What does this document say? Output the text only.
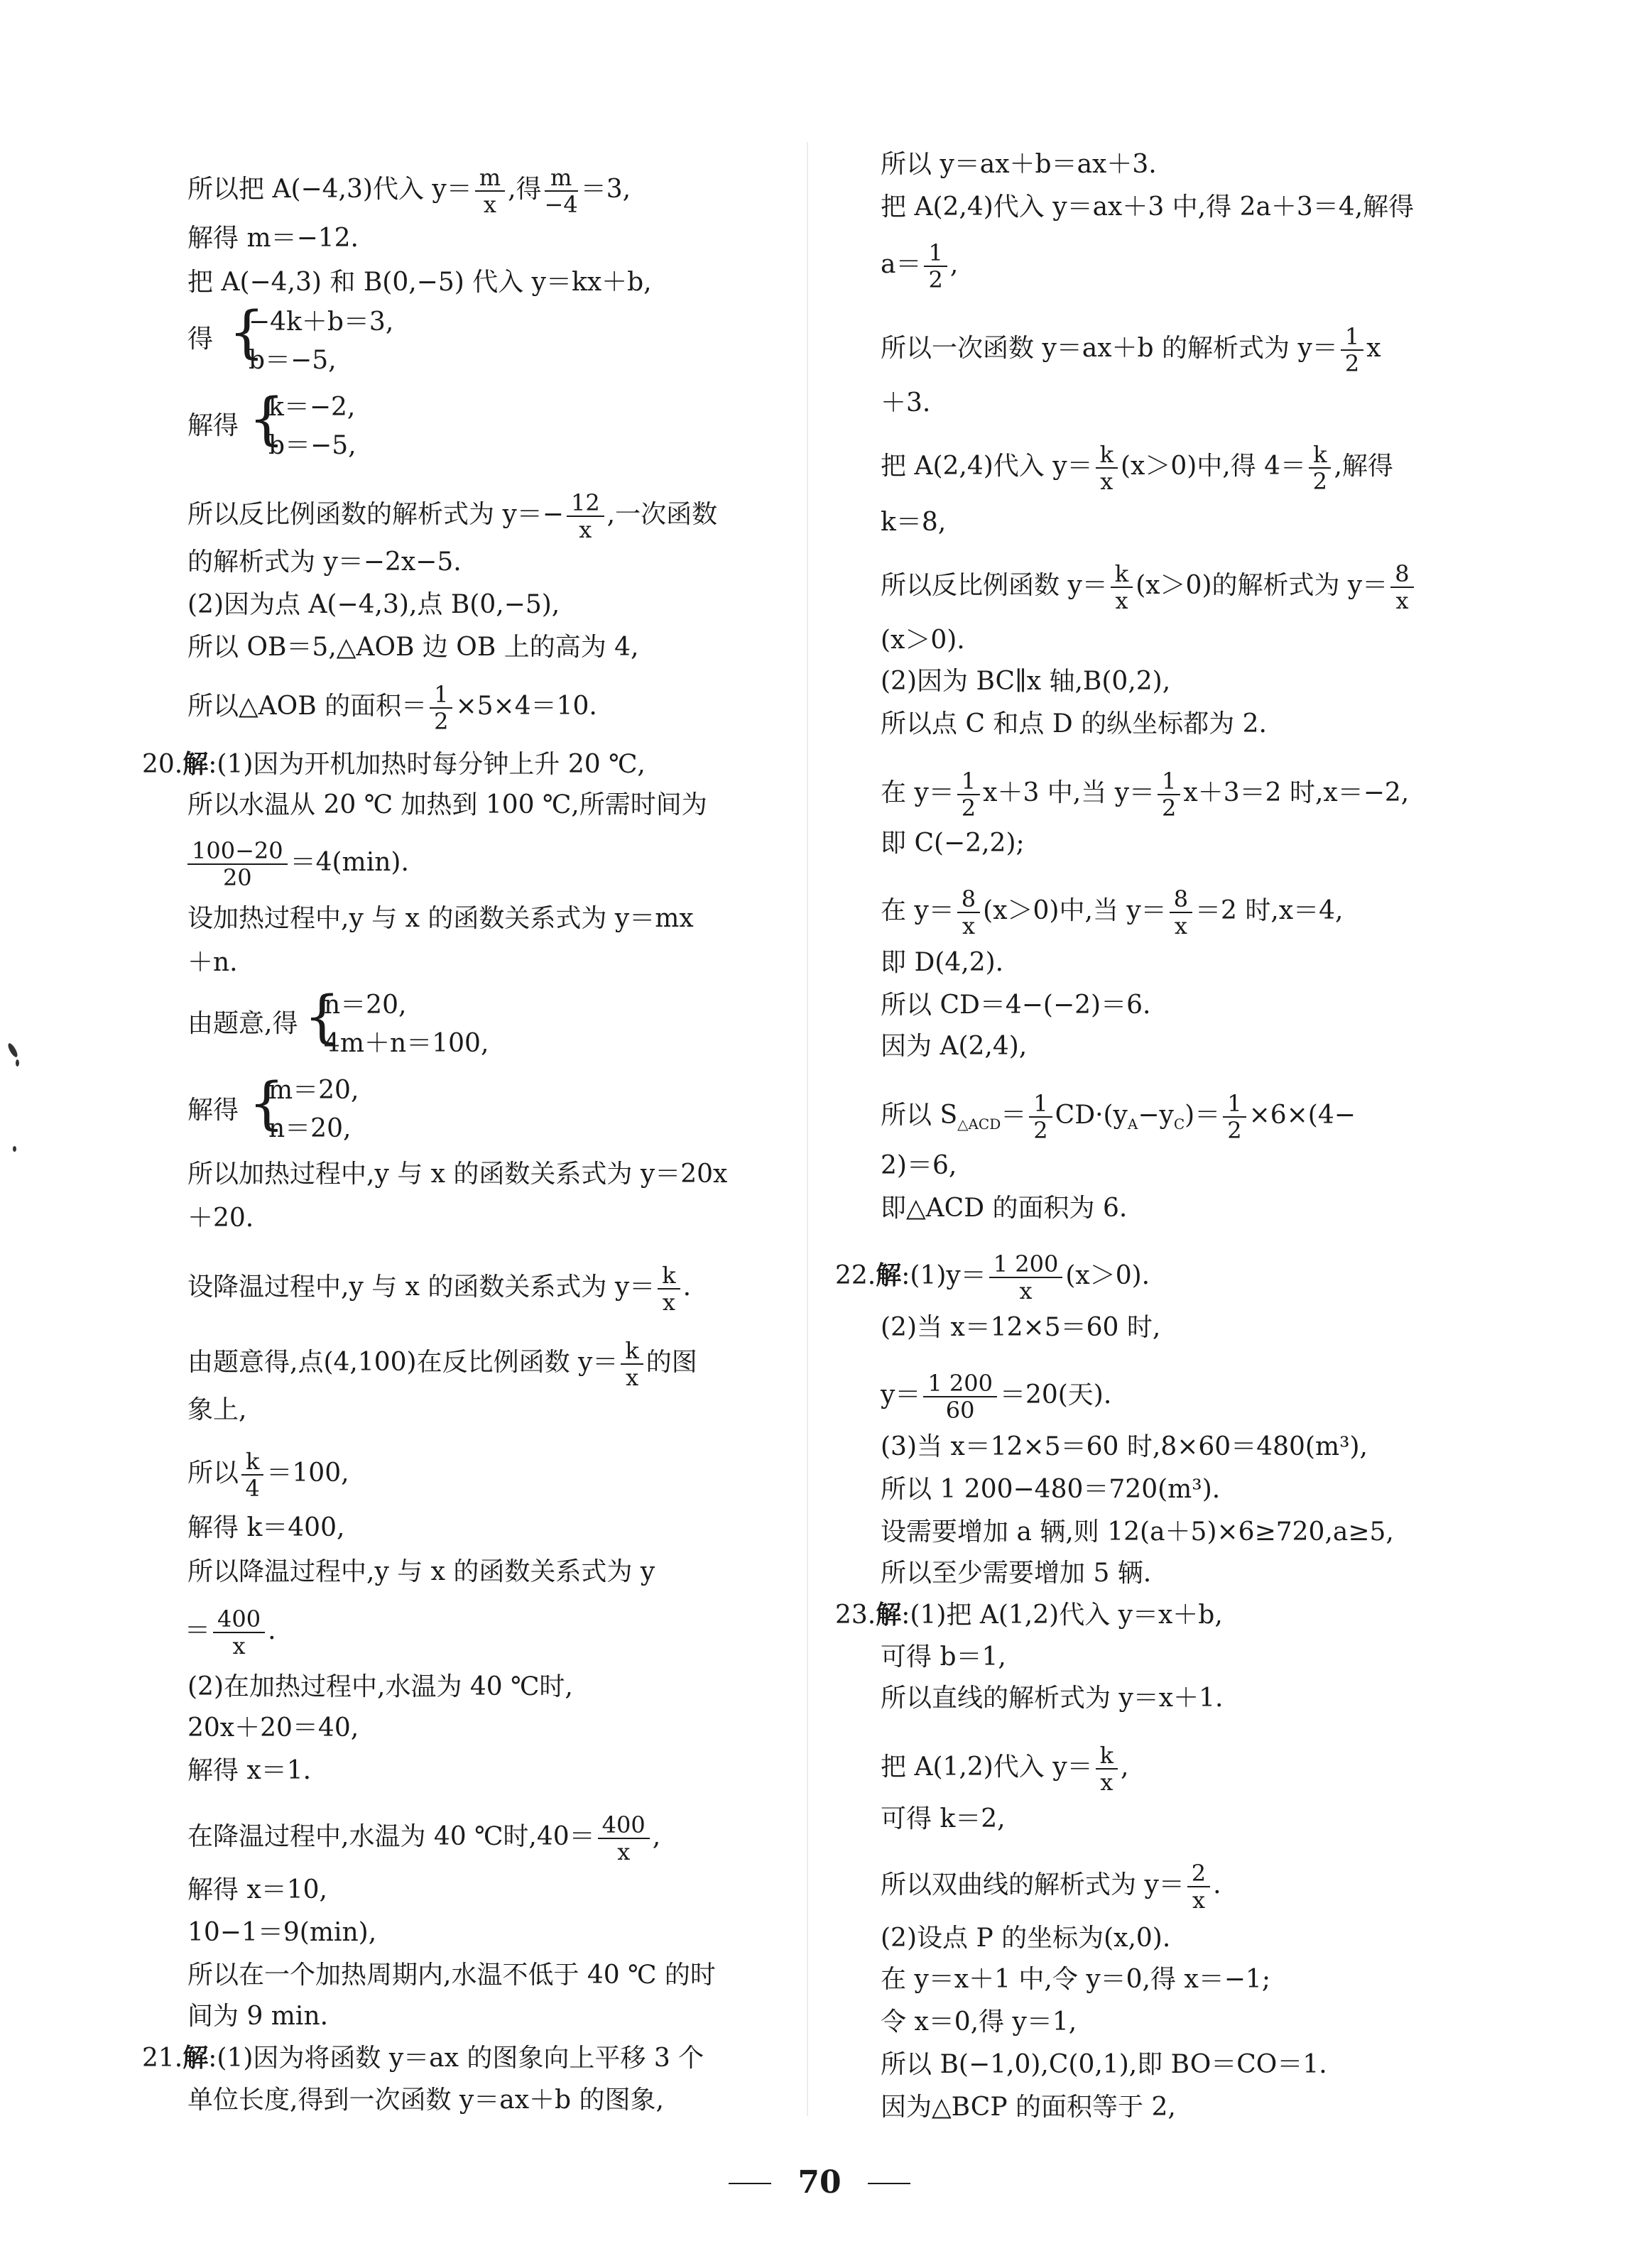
所以把 A(−4,3)代入 $y= \frac{m}{x}$ ,得 $\frac{m}{-4} =3$,
解得 m＝−12.
把 A(−4,3) 和 B(0,−5) 代入 y＝kx＋b,
得 {
−4k＋b＝3,
b＝−5,
解得 {
k＝−2,
b＝−5,
所以反比例函数的解析式为 $y=- \frac{12}{x}$ ,一次函数
的解析式为 y＝−2x−5.
(2)因为点 A(−4,3),点 B(0,−5),
所以 OB＝5,△AOB 边 OB 上的高为 4,
所以△AOB 的面积＝ $\frac{1}{2} \times 5\times 4=10$.
20.解:(1)因为开机加热时每分钟上升 20 ℃,
所以水温从 20 ℃ 加热到 100 ℃,所需时间为
$\frac{100-20}{20} =4(\min)$.
设加热过程中,y 与 x 的函数关系式为 y＝mx
＋n.
由题意,得 {
n＝20,
4m＋n＝100,
解得 {
m＝20,
n＝20,
所以加热过程中,y 与 x 的函数关系式为 y＝20x
＋20.
设降温过程中,y 与 x 的函数关系式为 $y= \frac{k}{x}$ .
由题意得,点(4,100)在反比例函数 $y= \frac{k}{x}$ 的图
象上,
所以 $\frac{k}{4} =100$,
解得 k＝400,
所以降温过程中,y 与 x 的函数关系式为 y
＝ $\frac{400}{x}$ .
(2)在加热过程中,水温为 40 ℃时,
20x＋20＝40,
解得 x＝1.
在降温过程中,水温为 40 ℃时$,40= \frac{400}{x}$ ,
解得 x＝10,
10−1＝9(min),
所以在一个加热周期内,水温不低于 40 ℃ 的时
间为 9 min.
21.解:(1)因为将函数 y＝ax 的图象向上平移 3 个
单位长度,得到一次函数 y＝ax＋b 的图象,
所以 y＝ax＋b＝ax＋3.
把 A(2,4)代入 y＝ax＋3 中,得 2a＋3＝4,解得
$a= \frac{1}{2}$ ,
所以一次函数 y＝ax＋b 的解析式为 $y= \frac{1}{2}$ x
＋3.
把 A(2,4)代入 $y= \frac{k}{x} (x>0)$中,得 $4= \frac{k}{2}$ ,解得
k＝8,
所以反比例函数 $y= \frac{k}{x} (x>0)$的解析式为 $y= \frac{8}{x}$
(x＞0).
(2)因为 BC∥x 轴,B(0,2),
所以点 C 和点 D 的纵坐标都为 2.
在 $y= \frac{1}{2} x+3$ 中,当 $y= \frac{1}{2} x+3=2$ 时,x＝−2,
即 C(−2,2);
在 $y= \frac{8}{x} (x>0)$中,当 $y= \frac{8}{x} =2$ 时,x＝4,
即 D(4,2).
所以 CD＝4−(−2)＝6.
因为 A(2,4),
所以 $S_{\triangle ACD}= \frac{1}{2} CD\cdot(y_A-y_C)= \frac{1}{2} \times 6\times(4-$
2)＝6,
即△ACD 的面积为 6.
22.解:(1)y＝ $\frac{1 200}{x} (x>0)$.
(2)当 x＝12×5＝60 时,
$y= \frac{1 200}{60} =20$(天).
(3)当 x＝12×5＝60 时,8×60＝480(m³),
所以 1 200−480＝720(m³).
设需要增加 a 辆,则 12(a＋5)×6≥720,a≥5,
所以至少需要增加 5 辆.
23.解:(1)把 A(1,2)代入 y＝x＋b,
可得 b＝1,
所以直线的解析式为 y＝x＋1.
把 A(1,2)代入 $y= \frac{k}{x}$ ,
可得 k＝2,
所以双曲线的解析式为 $y= \frac{2}{x}$ .
(2)设点 P 的坐标为(x,0).
在 y＝x＋1 中,令 y＝0,得 x＝−1;
令 x＝0,得 y＝1,
所以 B(−1,0),C(0,1),即 BO＝CO＝1.
因为△BCP 的面积等于 2,
70
